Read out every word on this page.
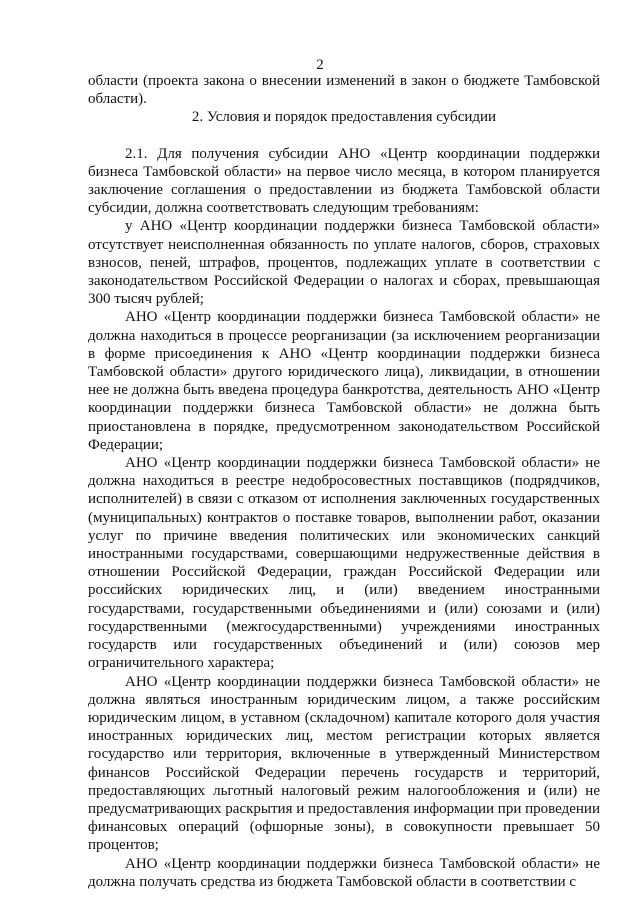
2

области (проекта закона о внесении изменений в закон о бюджете Тамбовской области).

2. Условия и порядок предоставления субсидии

2.1. Для получения субсидии АНО «Центр координации поддержки бизнеса Тамбовской области» на первое число месяца, в котором планируется заключение соглашения о предоставлении из бюджета Тамбовской области субсидии, должна соответствовать следующим требованиям:

у АНО «Центр координации поддержки бизнеса Тамбовской области» отсутствует неисполненная обязанность по уплате налогов, сборов, страховых взносов, пеней, штрафов, процентов, подлежащих уплате в соответствии с законодательством Российской Федерации о налогах и сборах, превышающая 300 тысяч рублей;

АНО «Центр координации поддержки бизнеса Тамбовской области» не должна находиться в процессе реорганизации (за исключением реорганизации в форме присоединения к АНО «Центр координации поддержки бизнеса Тамбовской области» другого юридического лица), ликвидации, в отношении нее не должна быть введена процедура банкротства, деятельность АНО «Центр координации поддержки бизнеса Тамбовской области» не должна быть приостановлена в порядке, предусмотренном законодательством Российской Федерации;

АНО «Центр координации поддержки бизнеса Тамбовской области» не должна находиться в реестре недобросовестных поставщиков (подрядчиков, исполнителей) в связи с отказом от исполнения заключенных государственных (муниципальных) контрактов о поставке товаров, выполнении работ, оказании услуг по причине введения политических или экономических санкций иностранными государствами, совершающими недружественные действия в отношении Российской Федерации, граждан Российской Федерации или российских юридических лиц, и (или) введением иностранными государствами, государственными объединениями и (или) союзами и (или) государственными (межгосударственными) учреждениями иностранных государств или государственных объединений и (или) союзов мер ограничительного характера;

АНО «Центр координации поддержки бизнеса Тамбовской области» не должна являться иностранным юридическим лицом, а также российским юридическим лицом, в уставном (складочном) капитале которого доля участия иностранных юридических лиц, местом регистрации которых является государство или территория, включенные в утвержденный Министерством финансов Российской Федерации перечень государств и территорий, предоставляющих льготный налоговый режим налогообложения и (или) не предусматривающих раскрытия и предоставления информации при проведении финансовых операций (офшорные зоны), в совокупности превышает 50 процентов;

АНО «Центр координации поддержки бизнеса Тамбовской области» не должна получать средства из бюджета Тамбовской области в соответствии с
